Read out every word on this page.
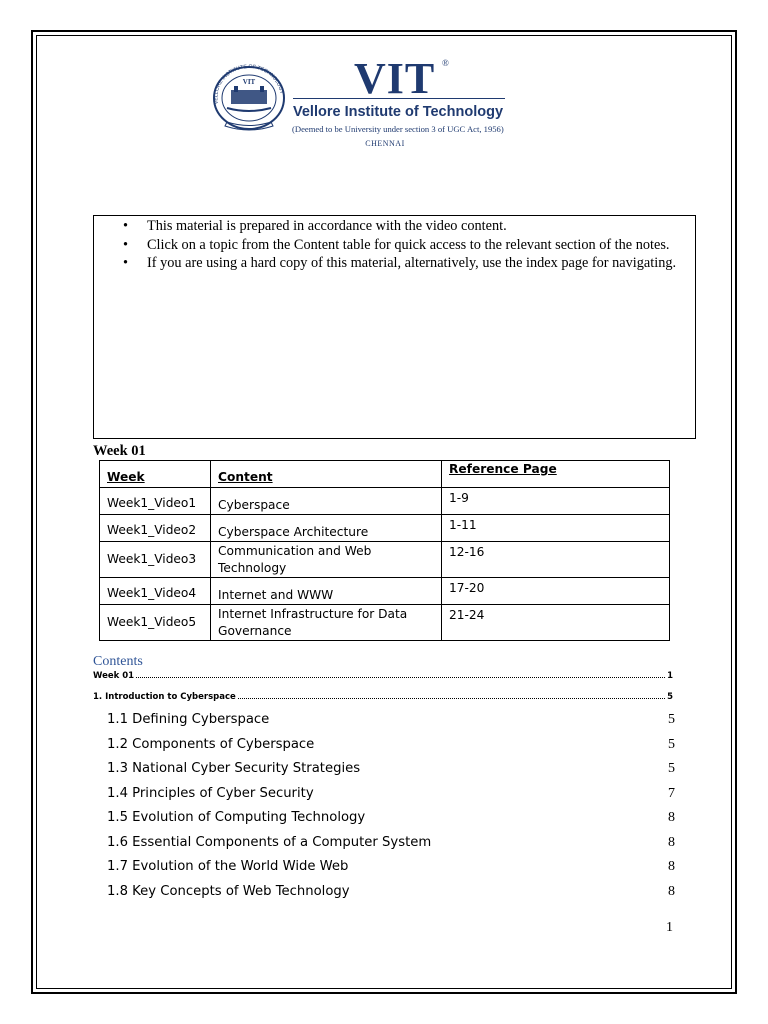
VIT
VELLORE INSTITUTE OF TECHNOLOGY VIT ®
Vellore Institute of Technology
(Deemed to be University under section 3 of UGC Act, 1956)
CHENNAI
• This material is prepared in accordance with the video content.
• Click on a topic from the Content table for quick access to the relevant section of the notes.
• If you are using a hard copy of this material, alternatively, use the index page for navigating.
Week 01
Week	Content	Reference Page
Week1_Video1	Cyberspace	1-9
Week1_Video2	Cyberspace Architecture	1-11
Week1_Video3	Communication and Web Technology	12-16
Week1_Video4	Internet and WWW	17-20
Week1_Video5	Internet Infrastructure for Data Governance	21-24
Contents
Week 01	1
1. Introduction to Cyberspace	5
1.1 Defining Cyberspace	5
1.2 Components of Cyberspace	5
1.3 National Cyber Security Strategies	5
1.4 Principles of Cyber Security	7
1.5 Evolution of Computing Technology	8
1.6 Essential Components of a Computer System	8
1.7 Evolution of the World Wide Web	8
1.8 Key Concepts of Web Technology	8
1
